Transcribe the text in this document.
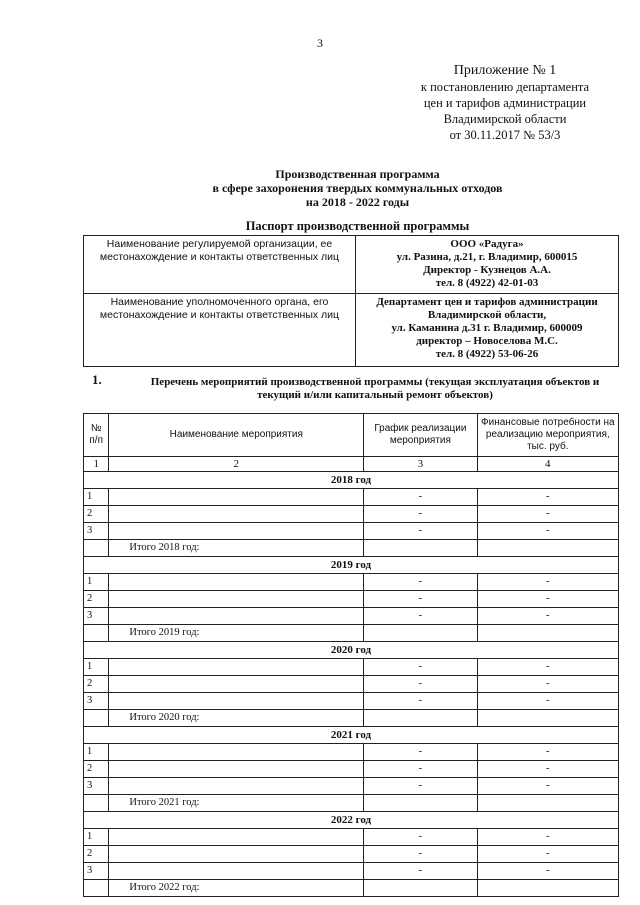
3
Приложение № 1
к постановлению департамента
цен и тарифов администрации
Владимирской области
от 30.11.2017 № 53/3
Производственная программа
в сфере захоронения твердых коммунальных отходов
на 2018 - 2022 годы
Паспорт производственной программы
Наименование регулируемой организации, ее местонахождение и контакты ответственных лиц	ООО «Радуга»
ул. Разина, д.21, г. Владимир, 600015
Директор - Кузнецов А.А.
тел. 8 (4922) 42-01-03

Наименование уполномоченного органа, его местонахождение и контакты ответственных лиц	Департамент цен и тарифов администрации
Владимирской области,
ул. Каманина д.31 г. Владимир, 600009
директор – Новоселова М.С.
тел. 8 (4922) 53-06-26
1.	Перечень мероприятий производственной программы (текущая эксплуатация объектов и текущий и/или капитальный ремонт объектов)
№ п/п	Наименование мероприятия	График реализации мероприятия	Финансовые потребности на реализацию мероприятия, тыс. руб.
1	2	3	4
2018 год			
1		-	-
2		-	-
3		-	-
	Итого 2018 год:		
2019 год			
1		-	-
2		-	-
3		-	-
	Итого 2019 год:		
2020 год			
1		-	-
2		-	-
3		-	-
	Итого 2020 год:		
2021 год			
1		-	-
2		-	-
3		-	-
	Итого 2021 год:		
2022 год			
1		-	-
2		-	-
3		-	-
	Итого 2022 год:		
